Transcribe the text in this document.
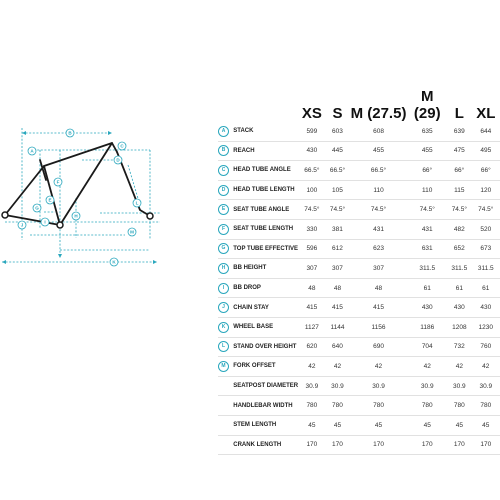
A
B
C
D
E
F
G
H
I
J
K
L
M
		XS	S	M (27.5)	M (29)	L	XL
A	STACK	599	603	608	635	639	644
B	REACH	430	445	455	455	475	495
C	HEAD TUBE ANGLE	66.5°	66.5°	66.5°	66°	66°	66°
D	HEAD TUBE LENGTH	100	105	110	110	115	120
E	SEAT TUBE ANGLE	74.5°	74.5°	74.5°	74.5°	74.5°	74.5°
F	SEAT TUBE LENGTH	330	381	431	431	482	520
G	TOP TUBE EFFECTIVE	596	612	623	631	652	673
H	BB HEIGHT	307	307	307	311.5	311.5	311.5
I	BB DROP	48	48	48	61	61	61
J	CHAIN STAY	415	415	415	430	430	430
K	WHEEL BASE	1127	1144	1156	1186	1208	1230
L	STAND OVER HEIGHT	620	640	690	704	732	760
M	FORK OFFSET	42	42	42	42	42	42
	SEATPOST DIAMETER	30.9	30.9	30.9	30.9	30.9	30.9
	HANDLEBAR WIDTH	780	780	780	780	780	780
	STEM LENGTH	45	45	45	45	45	45
	CRANK LENGTH	170	170	170	170	170	170
